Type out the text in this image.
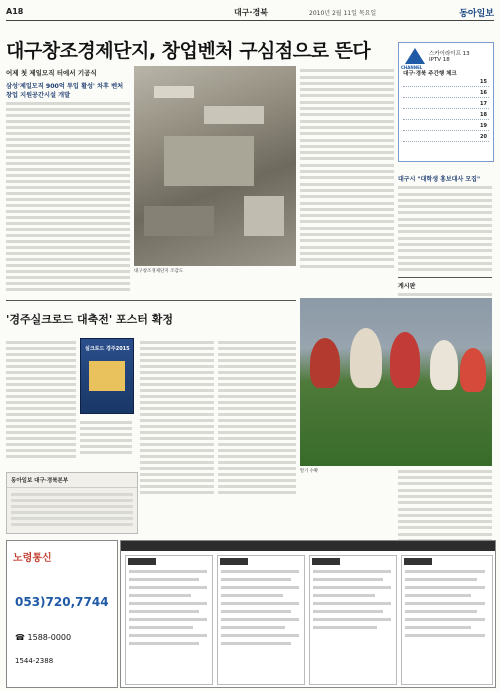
A18	대구·경북	2010년 2월 11일 목요일	동아일보
대구창조경제단지, 창업벤처 구심점으로 뜬다
CHANNEL
스카이라이프 13
IPTV 18
대구·경북 주간행 체크
15
16
17
18
19
20
어제 첫 제일모직 터에서 기공식
삼성'제일모직 900억 투입 활성' 차후 벤처 창업 지원공간시설 개발
대구창조경제단지 조감도
대구시 "대학생 홍보대사 모집"
게시판
'경주실크로드 대축전' 포스터 확정
실크로드 경주2015
딸기 수확
동아일보 대구·경북본부
노령통신
053)720,7744
☎ 1588-0000
1544-2388
